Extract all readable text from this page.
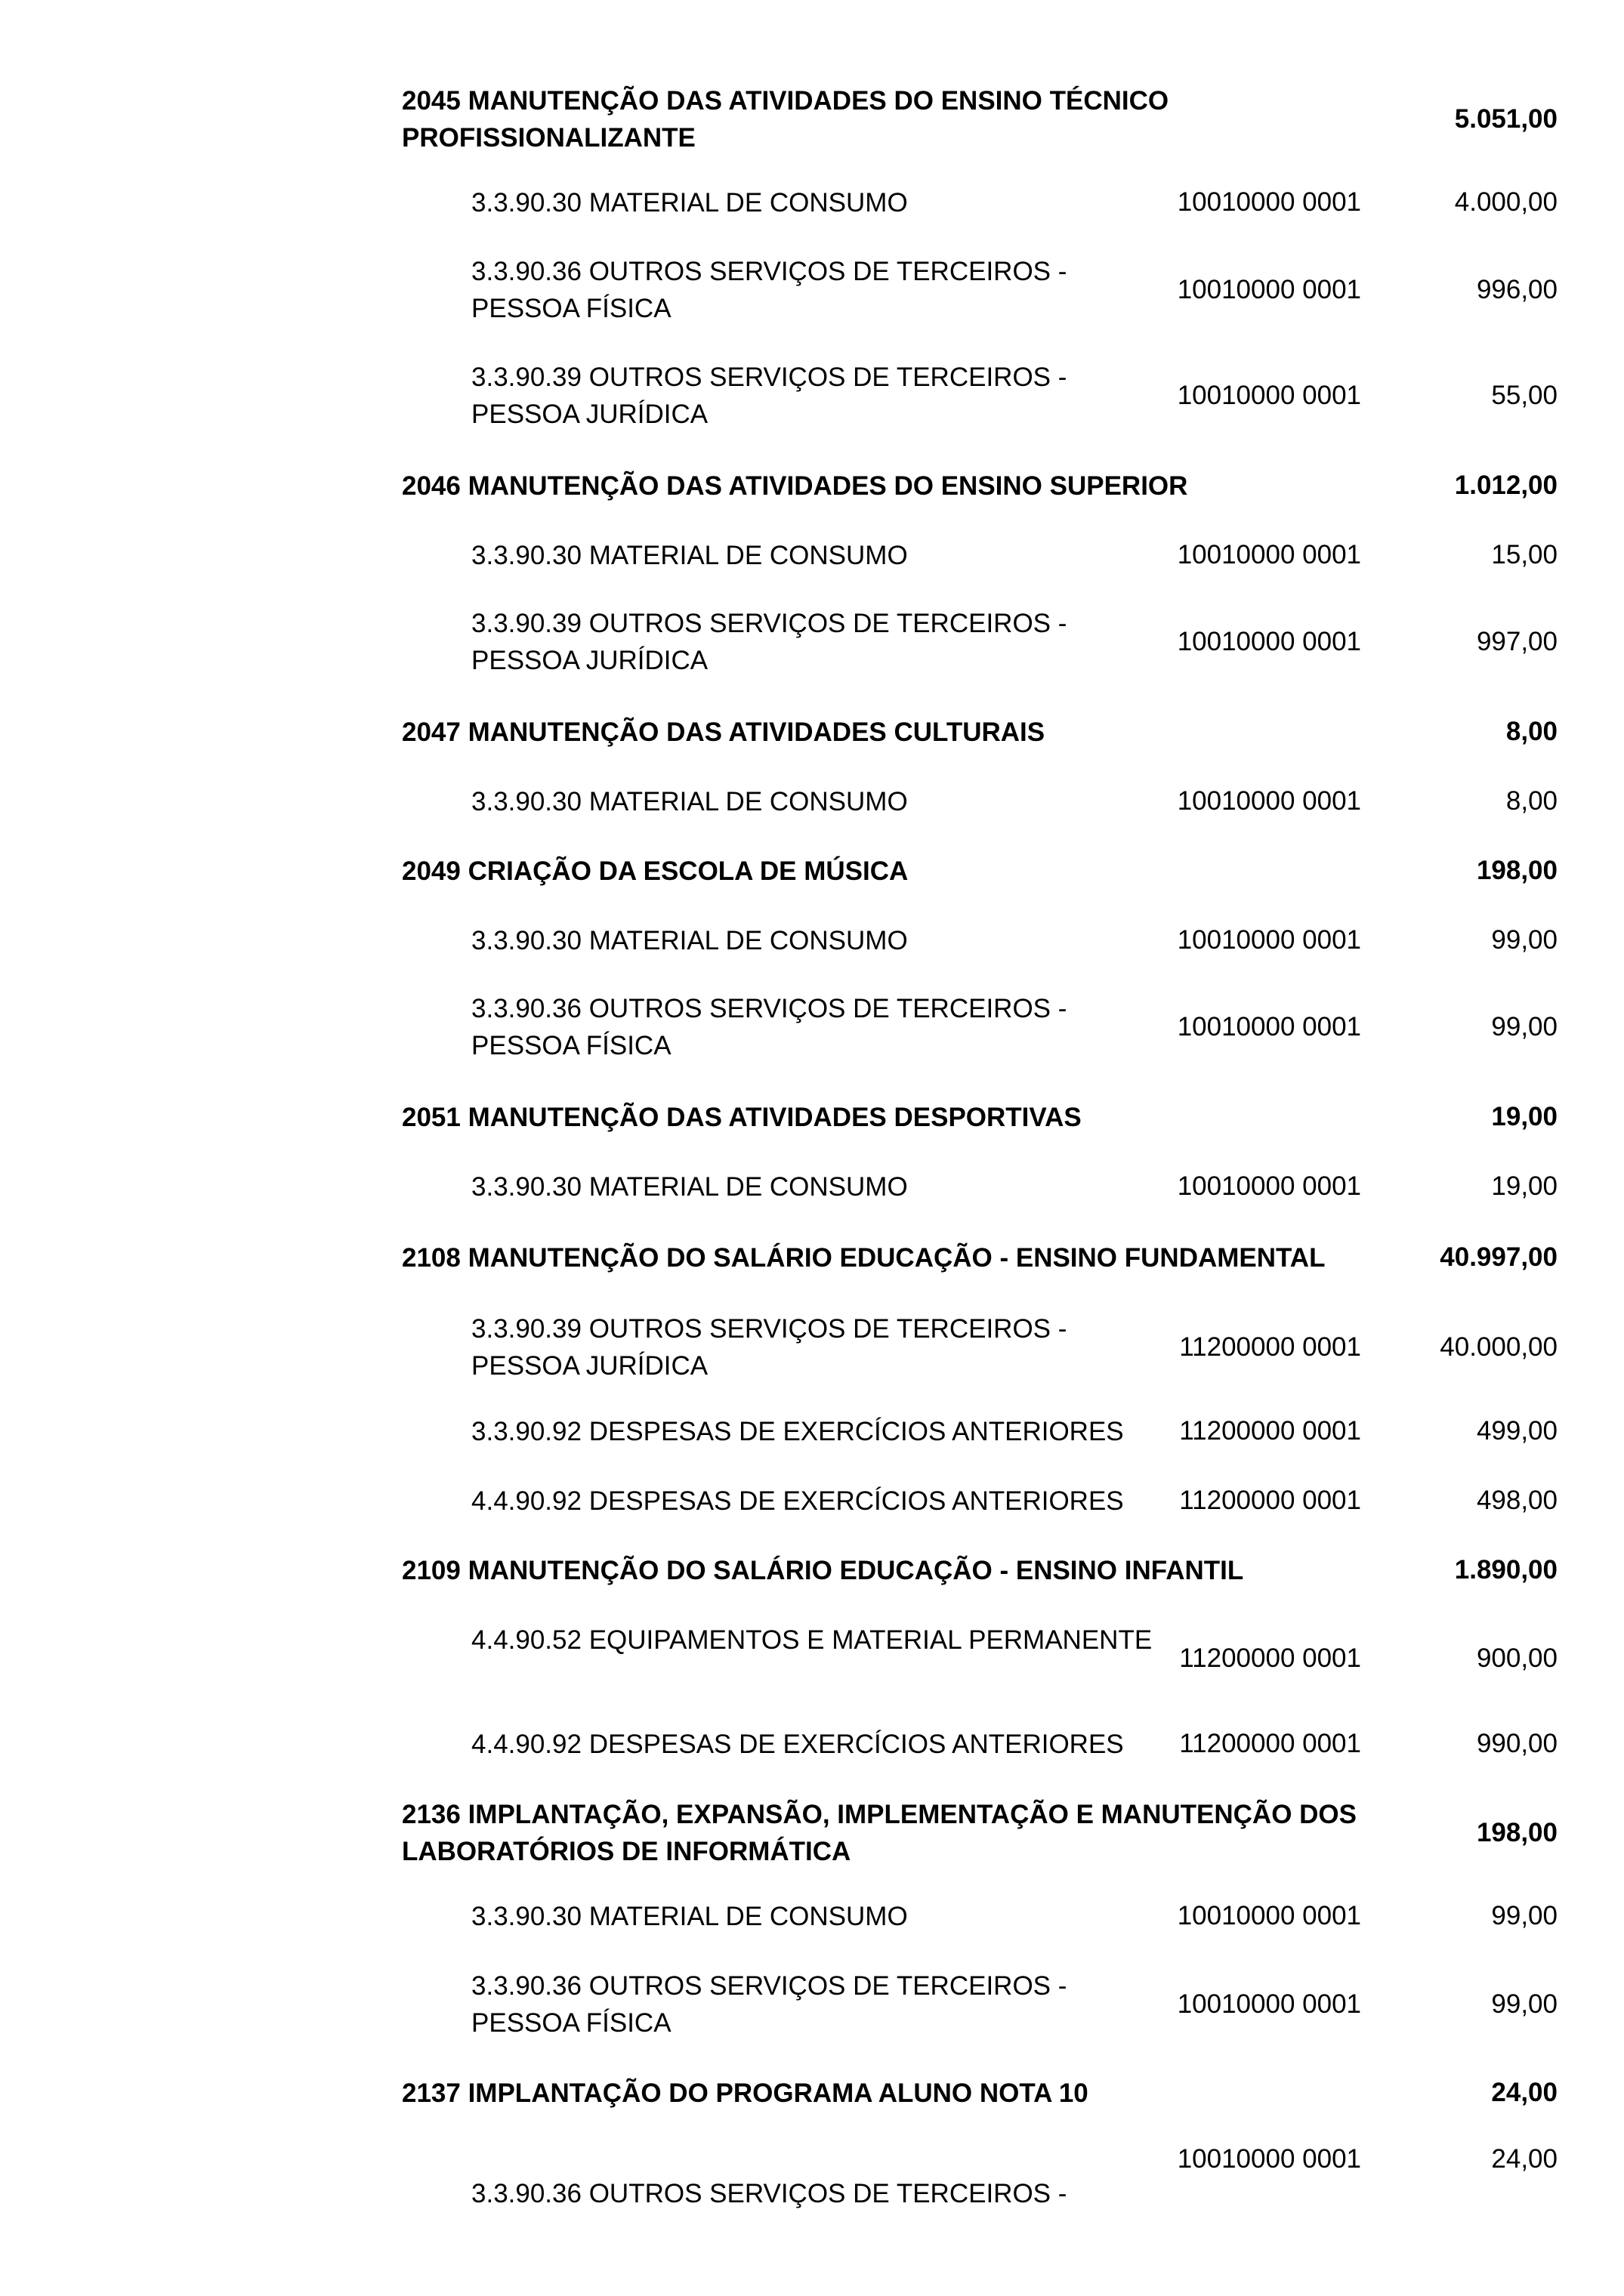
2045 MANUTENÇÃO DAS ATIVIDADES DO ENSINO TÉCNICO PROFISSIONALIZANTE
5.051,00
3.3.90.30 MATERIAL DE CONSUMO	10010000 0001	4.000,00
3.3.90.36 OUTROS SERVIÇOS DE TERCEIROS - PESSOA FÍSICA
10010000 0001	996,00
3.3.90.39 OUTROS SERVIÇOS DE TERCEIROS - PESSOA JURÍDICA
10010000 0001	55,00
2046 MANUTENÇÃO DAS ATIVIDADES DO ENSINO SUPERIOR	1.012,00
3.3.90.30 MATERIAL DE CONSUMO	10010000 0001	15,00
3.3.90.39 OUTROS SERVIÇOS DE TERCEIROS - PESSOA JURÍDICA
10010000 0001	997,00
2047 MANUTENÇÃO DAS ATIVIDADES CULTURAIS	8,00
3.3.90.30 MATERIAL DE CONSUMO	10010000 0001	8,00
2049 CRIAÇÃO DA ESCOLA DE MÚSICA	198,00
3.3.90.30 MATERIAL DE CONSUMO	10010000 0001	99,00
3.3.90.36 OUTROS SERVIÇOS DE TERCEIROS - PESSOA FÍSICA
10010000 0001	99,00
2051 MANUTENÇÃO DAS ATIVIDADES DESPORTIVAS	19,00
3.3.90.30 MATERIAL DE CONSUMO	10010000 0001	19,00
2108 MANUTENÇÃO DO SALÁRIO EDUCAÇÃO - ENSINO FUNDAMENTAL	40.997,00
3.3.90.39 OUTROS SERVIÇOS DE TERCEIROS - PESSOA JURÍDICA
11200000 0001	40.000,00
3.3.90.92 DESPESAS DE EXERCÍCIOS ANTERIORES	11200000 0001	499,00
4.4.90.92 DESPESAS DE EXERCÍCIOS ANTERIORES	11200000 0001	498,00
2109 MANUTENÇÃO DO SALÁRIO EDUCAÇÃO - ENSINO INFANTIL	1.890,00
4.4.90.52 EQUIPAMENTOS E MATERIAL PERMANENTE
11200000 0001	900,00
4.4.90.92 DESPESAS DE EXERCÍCIOS ANTERIORES	11200000 0001	990,00
2136 IMPLANTAÇÃO, EXPANSÃO, IMPLEMENTAÇÃO E MANUTENÇÃO DOS LABORATÓRIOS DE INFORMÁTICA
198,00
3.3.90.30 MATERIAL DE CONSUMO	10010000 0001	99,00
3.3.90.36 OUTROS SERVIÇOS DE TERCEIROS - PESSOA FÍSICA
10010000 0001	99,00
2137 IMPLANTAÇÃO DO PROGRAMA ALUNO NOTA 10	24,00
3.3.90.36 OUTROS SERVIÇOS DE TERCEIROS -
10010000 0001	24,00
